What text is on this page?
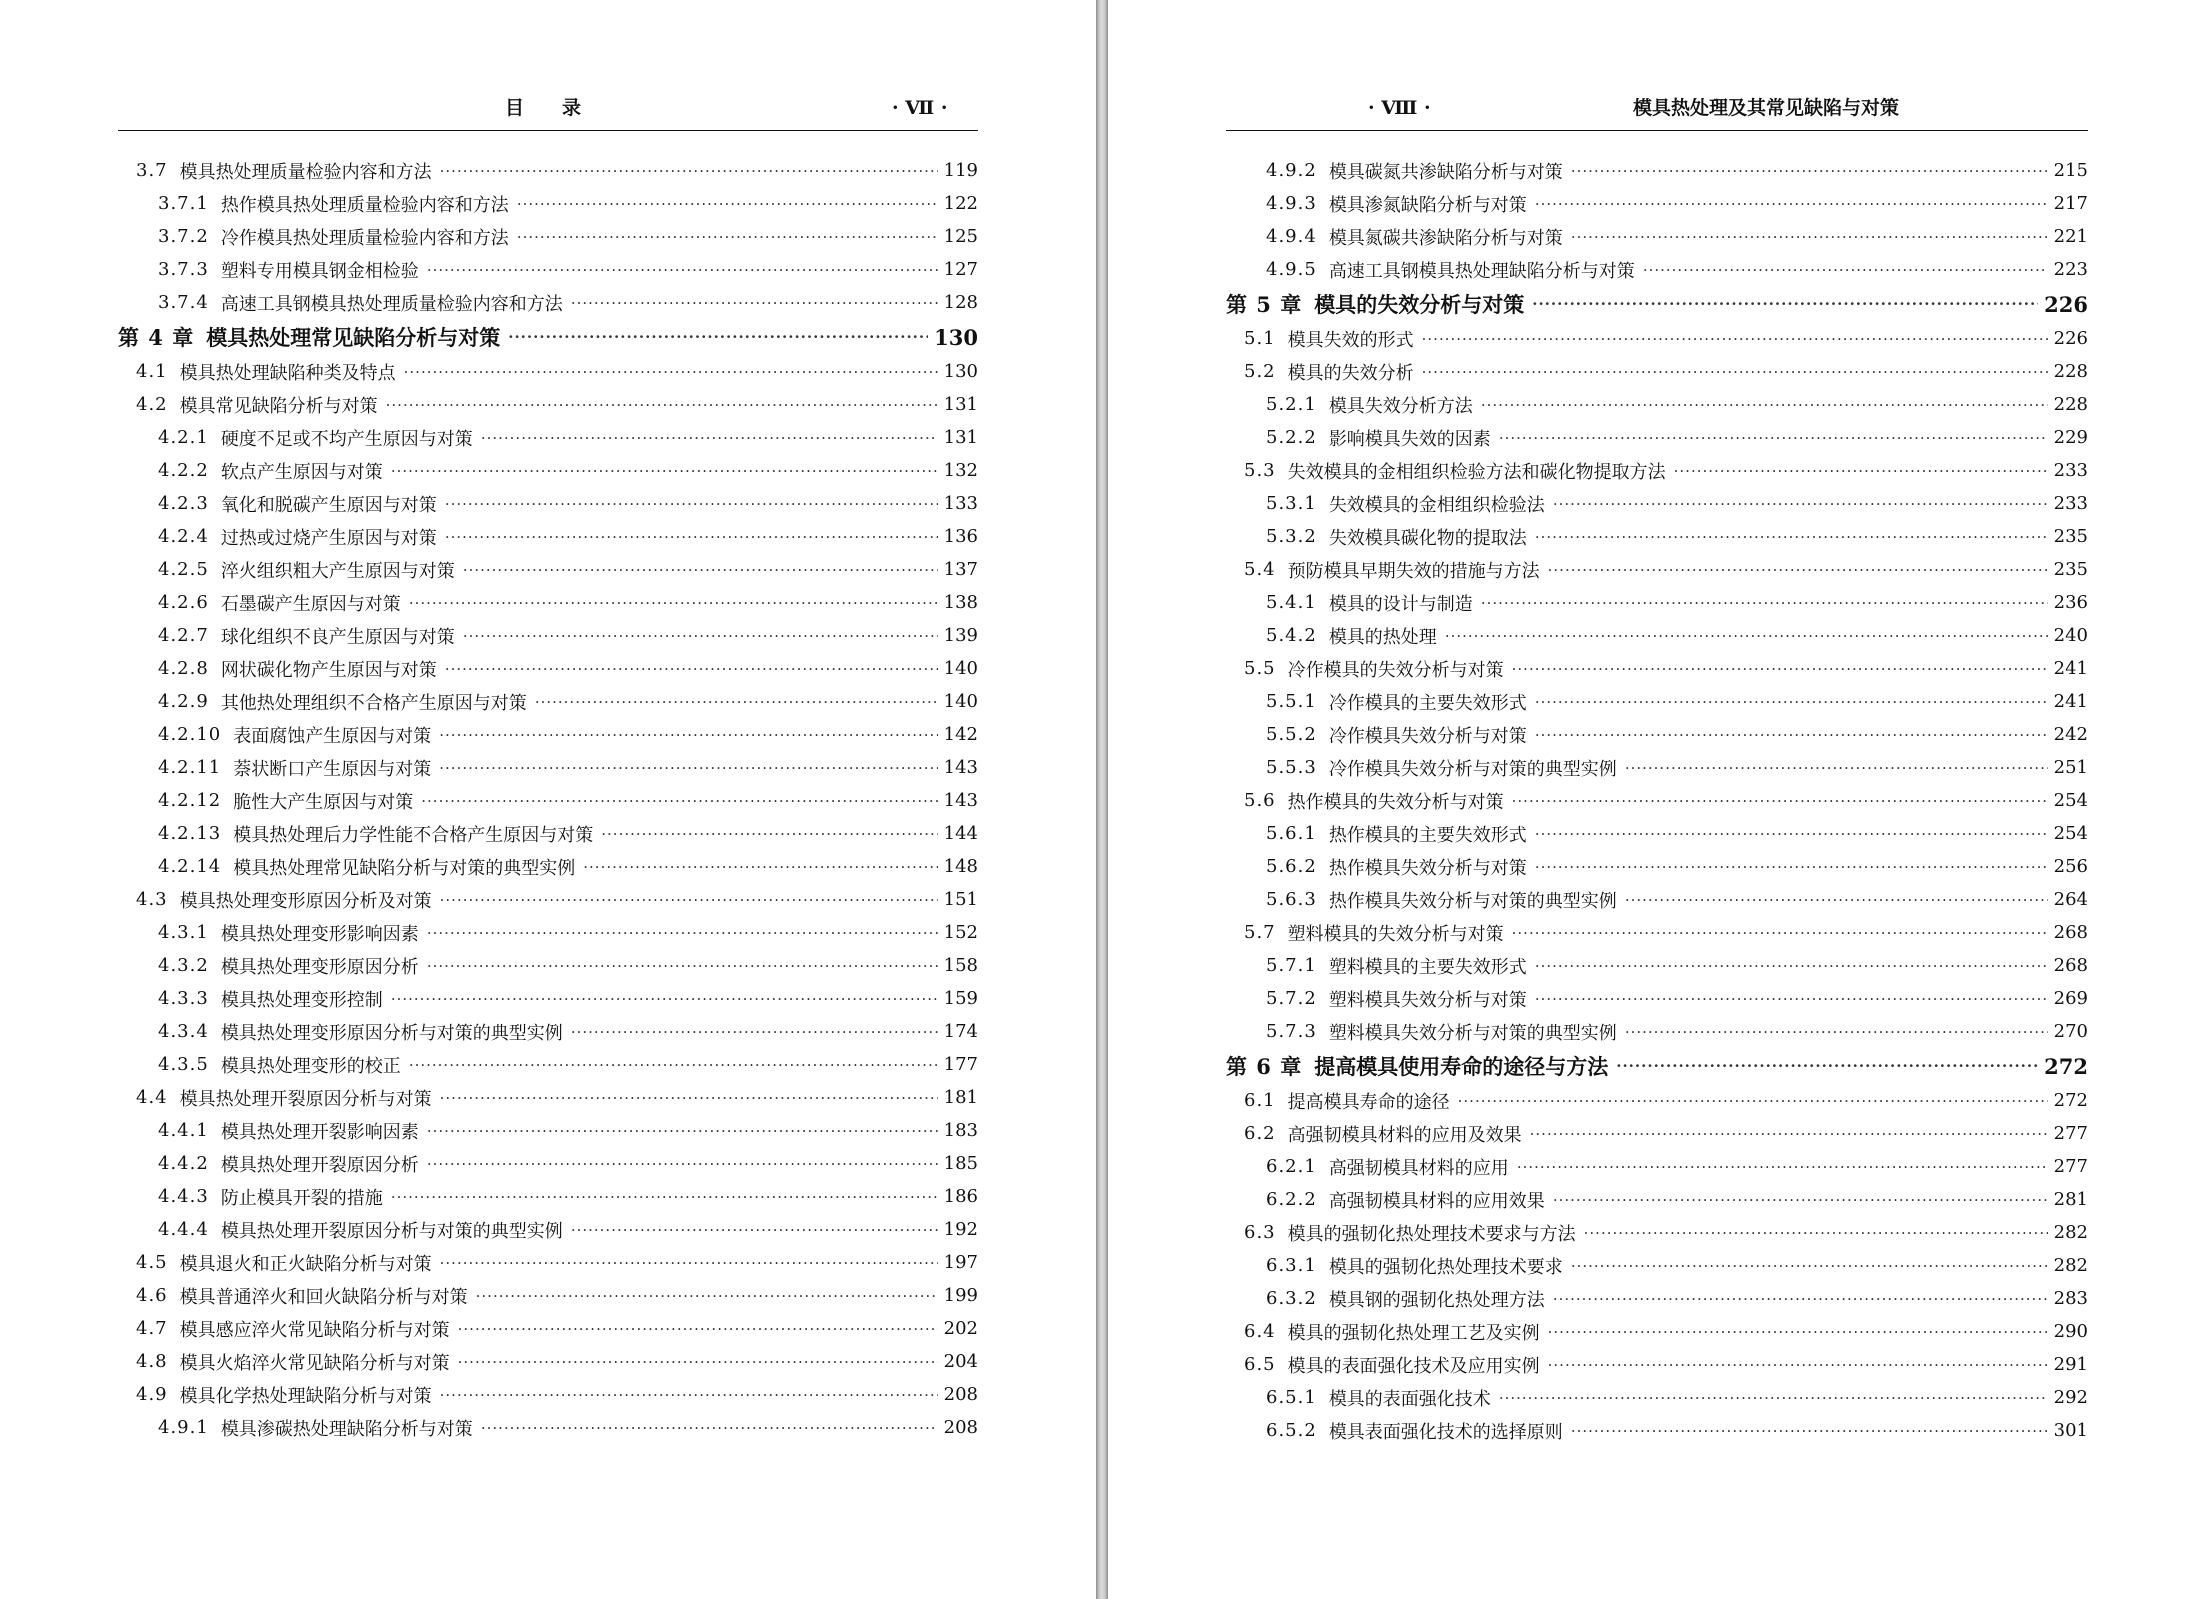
目　　录	· Ⅶ ·
3.7 模具热处理质量检验内容和方法 ·····	119
3.7.1 热作模具热处理质量检验内容和方法 ·····	122
3.7.2 冷作模具热处理质量检验内容和方法 ·····	125
3.7.3 塑料专用模具钢金相检验 ·····	127
3.7.4 高速工具钢模具热处理质量检验内容和方法 ·····	128
第 4 章 模具热处理常见缺陷分析与对策 ·····	130
4.1 模具热处理缺陷种类及特点 ·····	130
4.2 模具常见缺陷分析与对策 ·····	131
4.2.1 硬度不足或不均产生原因与对策 ·····	131
4.2.2 软点产生原因与对策 ·····	132
4.2.3 氧化和脱碳产生原因与对策 ·····	133
4.2.4 过热或过烧产生原因与对策 ·····	136
4.2.5 淬火组织粗大产生原因与对策 ·····	137
4.2.6 石墨碳产生原因与对策 ·····	138
4.2.7 球化组织不良产生原因与对策 ·····	139
4.2.8 网状碳化物产生原因与对策 ·····	140
4.2.9 其他热处理组织不合格产生原因与对策 ·····	140
4.2.10 表面腐蚀产生原因与对策 ·····	142
4.2.11 萘状断口产生原因与对策 ·····	143
4.2.12 脆性大产生原因与对策 ·····	143
4.2.13 模具热处理后力学性能不合格产生原因与对策 ·····	144
4.2.14 模具热处理常见缺陷分析与对策的典型实例 ·····	148
4.3 模具热处理变形原因分析及对策 ·····	151
4.3.1 模具热处理变形影响因素 ·····	152
4.3.2 模具热处理变形原因分析 ·····	158
4.3.3 模具热处理变形控制 ·····	159
4.3.4 模具热处理变形原因分析与对策的典型实例 ·····	174
4.3.5 模具热处理变形的校正 ·····	177
4.4 模具热处理开裂原因分析与对策 ·····	181
4.4.1 模具热处理开裂影响因素 ·····	183
4.4.2 模具热处理开裂原因分析 ·····	185
4.4.3 防止模具开裂的措施 ·····	186
4.4.4 模具热处理开裂原因分析与对策的典型实例 ·····	192
4.5 模具退火和正火缺陷分析与对策 ·····	197
4.6 模具普通淬火和回火缺陷分析与对策 ·····	199
4.7 模具感应淬火常见缺陷分析与对策 ·····	202
4.8 模具火焰淬火常见缺陷分析与对策 ·····	204
4.9 模具化学热处理缺陷分析与对策 ·····	208
4.9.1 模具渗碳热处理缺陷分析与对策 ·····	208
· Ⅷ ·	模具热处理及其常见缺陷与对策
4.9.2 模具碳氮共渗缺陷分析与对策 ·····	215
4.9.3 模具渗氮缺陷分析与对策 ·····	217
4.9.4 模具氮碳共渗缺陷分析与对策 ·····	221
4.9.5 高速工具钢模具热处理缺陷分析与对策 ·····	223
第 5 章 模具的失效分析与对策 ·····	226
5.1 模具失效的形式 ·····	226
5.2 模具的失效分析 ·····	228
5.2.1 模具失效分析方法 ·····	228
5.2.2 影响模具失效的因素 ·····	229
5.3 失效模具的金相组织检验方法和碳化物提取方法 ·····	233
5.3.1 失效模具的金相组织检验法 ·····	233
5.3.2 失效模具碳化物的提取法 ·····	235
5.4 预防模具早期失效的措施与方法 ·····	235
5.4.1 模具的设计与制造 ·····	236
5.4.2 模具的热处理 ·····	240
5.5 冷作模具的失效分析与对策 ·····	241
5.5.1 冷作模具的主要失效形式 ·····	241
5.5.2 冷作模具失效分析与对策 ·····	242
5.5.3 冷作模具失效分析与对策的典型实例 ·····	251
5.6 热作模具的失效分析与对策 ·····	254
5.6.1 热作模具的主要失效形式 ·····	254
5.6.2 热作模具失效分析与对策 ·····	256
5.6.3 热作模具失效分析与对策的典型实例 ·····	264
5.7 塑料模具的失效分析与对策 ·····	268
5.7.1 塑料模具的主要失效形式 ·····	268
5.7.2 塑料模具失效分析与对策 ·····	269
5.7.3 塑料模具失效分析与对策的典型实例 ·····	270
第 6 章 提高模具使用寿命的途径与方法 ·····	272
6.1 提高模具寿命的途径 ·····	272
6.2 高强韧模具材料的应用及效果 ·····	277
6.2.1 高强韧模具材料的应用 ·····	277
6.2.2 高强韧模具材料的应用效果 ·····	281
6.3 模具的强韧化热处理技术要求与方法 ·····	282
6.3.1 模具的强韧化热处理技术要求 ·····	282
6.3.2 模具钢的强韧化热处理方法 ·····	283
6.4 模具的强韧化热处理工艺及实例 ·····	290
6.5 模具的表面强化技术及应用实例 ·····	291
6.5.1 模具的表面强化技术 ·····	292
6.5.2 模具表面强化技术的选择原则 ·····	301
